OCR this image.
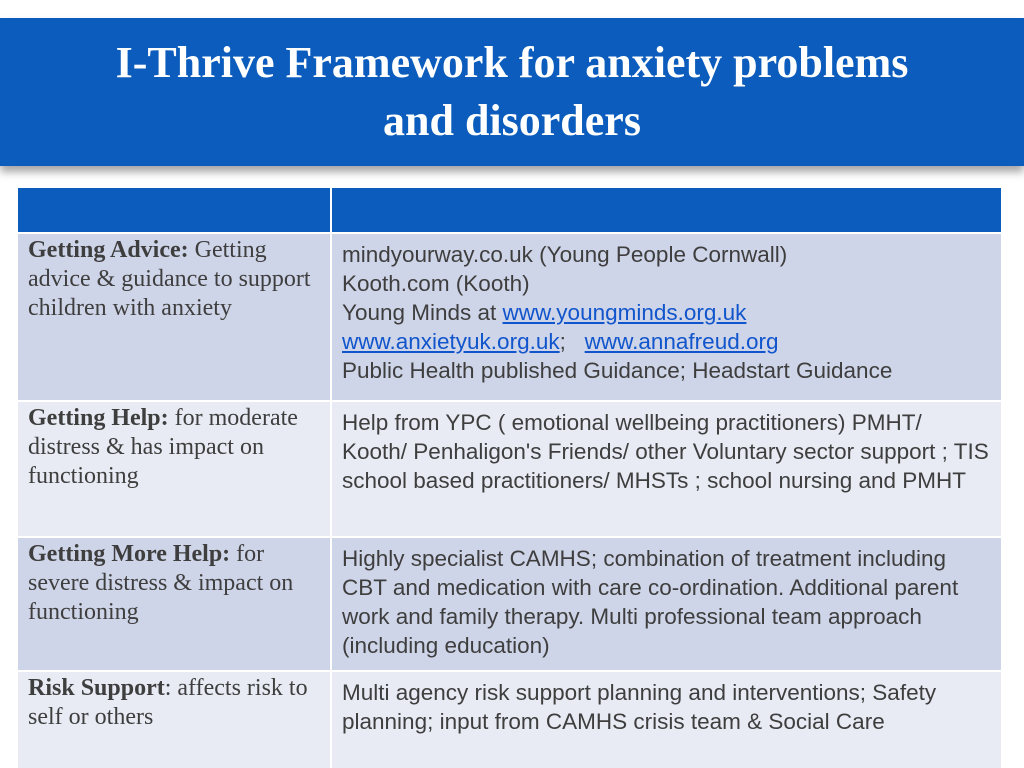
I-Thrive Framework for anxiety problems
and disorders

Getting Advice: Getting advice & guidance to support children with anxiety	mindyourway.co.uk (Young People Cornwall)
Kooth.com (Kooth)
Young Minds at www.youngminds.org.uk
www.anxietyuk.org.uk;   www.annafreud.org
Public Health published Guidance; Headstart Guidance

Getting Help: for moderate distress & has impact on functioning	Help from YPC ( emotional wellbeing practitioners) PMHT/ Kooth/ Penhaligon's Friends/ other Voluntary sector support ; TIS school based practitioners/ MHSTs ; school nursing and PMHT

Getting More Help: for severe distress & impact on functioning	Highly specialist CAMHS; combination of treatment including CBT and medication with care co-ordination. Additional parent work and family therapy. Multi professional team approach (including education)

Risk Support: affects risk to self or others	Multi agency risk support planning and interventions; Safety planning; input from CAMHS crisis team & Social Care
